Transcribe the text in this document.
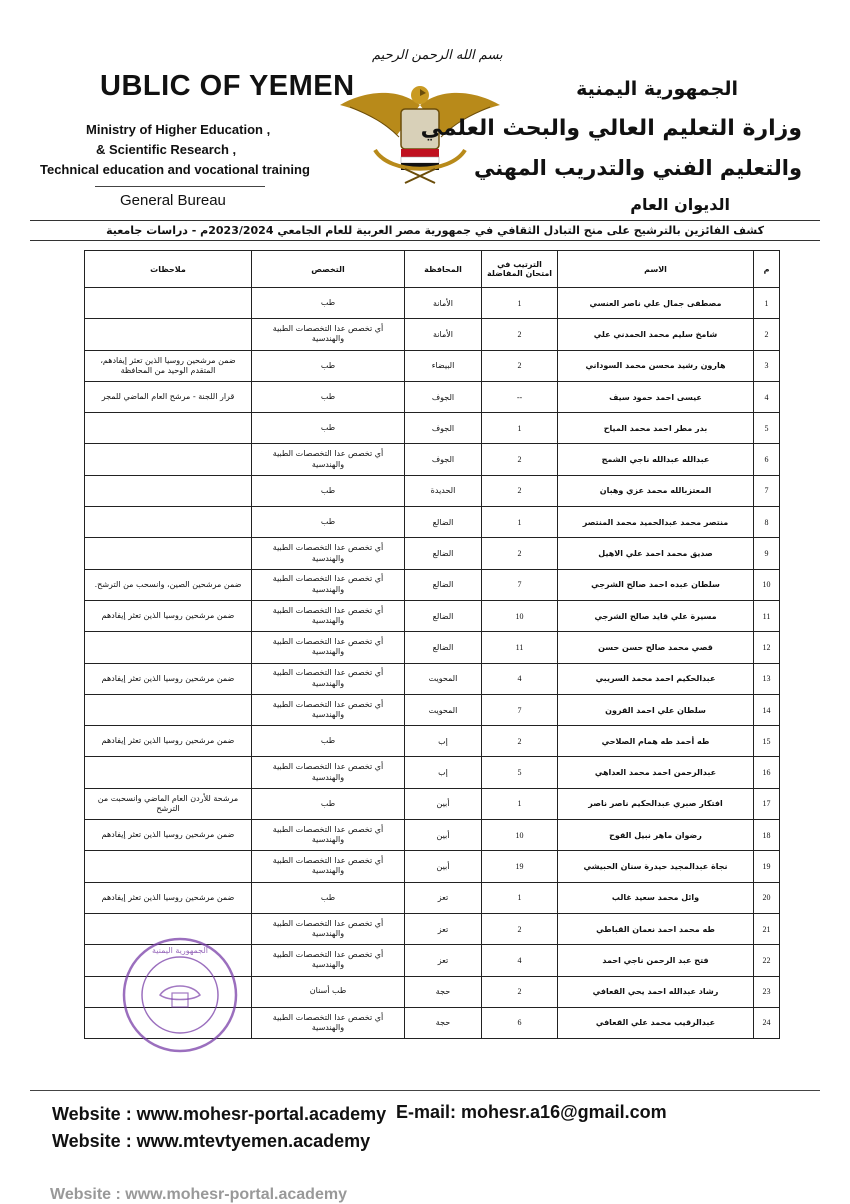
UBLIC OF YEMEN
Ministry of Higher Education ,
& Scientific Research ,
Technical education and vocational training
General Bureau
بسم الله الرحمن الرحيم
الجمهورية اليمنية
وزارة التعليم العالي والبحث العلمي
والتعليم الفني والتدريب المهني
الديوان العام
كشف الفائزين بالترشيح على منح التبادل الثقافي في جمهورية مصر العربية للعام الجامعي 2023/2024م - دراسات جامعية
م	الاسم	الترتيب في امتحان المفاضلة	المحافظة	التخصص	ملاحظات
1	مصطفى جمال علي ناصر العنسي	1	الأمانة	طب	
2	شامخ سليم محمد الحمدني علي	2	الأمانة	أي تخصص عدا التخصصات الطبية والهندسية	
3	هارون رشيد محسن محمد السوداني	2	البيضاء	طب	ضمن مرشحين روسيا الذين تعثر إيفادهم، المتقدم الوحيد من المحافظة
4	عيسى احمد حمود سيف	--	الجوف	طب	قرار اللجنة - مرشح العام الماضي للمجر
5	بدر مطر احمد محمد المياح	1	الجوف	طب	
6	عبدالله عبدالله ناجي الشمج	2	الجوف	أي تخصص عدا التخصصات الطبية والهندسية	
7	المعتزبالله محمد عزي وهبان	2	الحديدة	طب	
8	منتصر محمد عبدالحميد محمد المنتصر	1	الضالع	طب	
9	صديق محمد احمد علي الاهيل	2	الضالع	أي تخصص عدا التخصصات الطبية والهندسية	
10	سلطان عبده احمد صالح الشرجي	7	الضالع	أي تخصص عدا التخصصات الطبية والهندسية	ضمن مرشحين الصين، وانسحب من الترشح.
11	مسيرة علي قايد صالح الشرجي	10	الضالع	أي تخصص عدا التخصصات الطبية والهندسية	ضمن مرشحين روسيا الذين تعثر إيفادهم
12	قصي محمد صالح حسن حسن	11	الضالع	أي تخصص عدا التخصصات الطبية والهندسية	
13	عبدالحكيم احمد محمد السريبي	4	المحويت	أي تخصص عدا التخصصات الطبية والهندسية	ضمن مرشحين روسيا الذين تعثر إيفادهم
14	سلطان علي احمد القرون	7	المحويت	أي تخصص عدا التخصصات الطبية والهندسية	
15	طه أحمد طه همام الصلاحي	2	إب	طب	ضمن مرشحين روسيا الذين تعثر إيفادهم
16	عبدالرحمن احمد محمد العداهي	5	إب	أي تخصص عدا التخصصات الطبية والهندسية	
17	افتكار صبري عبدالحكيم ناصر ناصر	1	أبين	طب	مرشحة للأردن العام الماضي وانسحبت من الترشح
18	رضوان ماهر نبيل القوح	10	أبين	أي تخصص عدا التخصصات الطبية والهندسية	ضمن مرشحين روسيا الذين تعثر إيفادهم
19	نجاة عبدالمجيد حيدرة سنان الحبيشي	19	أبين	أي تخصص عدا التخصصات الطبية والهندسية	
20	وائل محمد سعيد غالب	1	تعز	طب	ضمن مرشحين روسيا الذين تعثر إيفادهم
21	طه محمد احمد نعمان القباطي	2	تعز	أي تخصص عدا التخصصات الطبية والهندسية	
22	فتح عبد الرحمن ناجي احمد	4	تعز	أي تخصص عدا التخصصات الطبية والهندسية	
23	رشاد عبدالله احمد يحي القعافي	2	حجة	طب أسنان	
24	عبدالرقيب محمد علي القعافي	6	حجة	أي تخصص عدا التخصصات الطبية والهندسية	
الجمهورية اليمنية
Website : www.mohesr-portal.academy
Website : www.mtevtyemen.academy
E-mail: mohesr.a16@gmail.com
Website : www.mohesr-portal.academy
